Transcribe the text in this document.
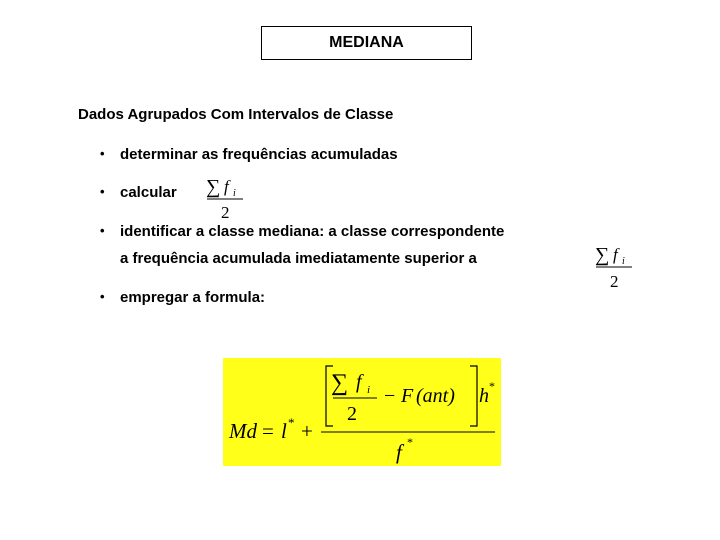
MEDIANA
Dados Agrupados Com Intervalos de Classe
•	determinar as frequências acumuladas
•	calcular ∑ f i
2
•	identificar a classe mediana: a classe correspondente
a frequência acumulada imediatamente superior a	∑ f i
2
•	empregar a formula:
Md = l * +
∑ f i
2
− F (ant) h *
f *
